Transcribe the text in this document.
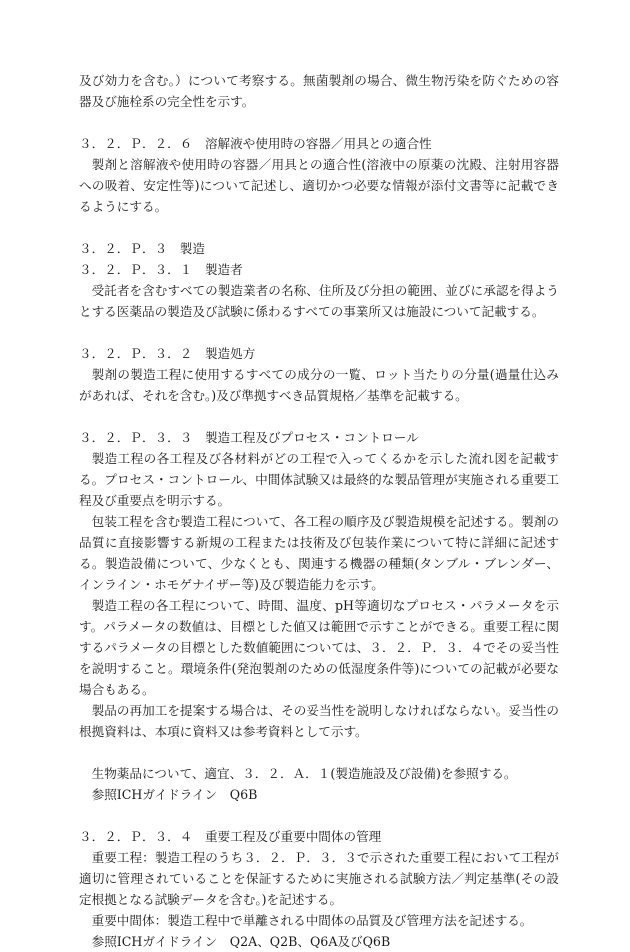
及び効力を含む。）について考察する。無菌製剤の場合、微生物汚染を防ぐための容器及び施栓系の完全性を示す。

３．２．Ｐ．２．６　溶解液や使用時の容器／用具との適合性

製剤と溶解液や使用時の容器／用具との適合性(溶液中の原薬の沈殿、注射用容器への吸着、安定性等)について記述し、適切かつ必要な情報が添付文書等に記載できるようにする。

３．２．Ｐ．３　製造

３．２．Ｐ．３．１　製造者

受託者を含むすべての製造業者の名称、住所及び分担の範囲、並びに承認を得ようとする医薬品の製造及び試験に係わるすべての事業所又は施設について記載する。

３．２．Ｐ．３．２　製造処方

製剤の製造工程に使用するすべての成分の一覧、ロット当たりの分量(過量仕込みがあれば、それを含む。)及び準拠すべき品質規格／基準を記載する。

３．２．Ｐ．３．３　製造工程及びプロセス・コントロール

製造工程の各工程及び各材料がどの工程で入ってくるかを示した流れ図を記載する。プロセス・コントロール、中間体試験又は最終的な製品管理が実施される重要工程及び重要点を明示する。

包装工程を含む製造工程について、各工程の順序及び製造規模を記述する。製剤の品質に直接影響する新規の工程または技術及び包装作業について特に詳細に記述する。製造設備について、少なくとも、関連する機器の種類(タンブル・ブレンダー、インライン・ホモゲナイザー等)及び製造能力を示す。

製造工程の各工程について、時間、温度、pH等適切なプロセス・パラメータを示す。パラメータの数値は、目標とした値又は範囲で示すことができる。重要工程に関するパラメータの目標とした数値範囲については、３．２．Ｐ．３．４でその妥当性を説明すること。環境条件(発泡製剤のための低湿度条件等)についての記載が必要な場合もある。

製品の再加工を提案する場合は、その妥当性を説明しなければならない。妥当性の根拠資料は、本項に資料又は参考資料として示す。

生物薬品について、適宜、３．２．Ａ．１(製造施設及び設備)を参照する。

参照ICHガイドライン　Q6B

３．２．Ｐ．３．４　重要工程及び重要中間体の管理

重要工程：製造工程のうち３．２．Ｐ．３．３で示された重要工程において工程が適切に管理されていることを保証するために実施される試験方法／判定基準(その設定根拠となる試験データを含む。)を記述する。

重要中間体：製造工程中で単離される中間体の品質及び管理方法を記述する。

参照ICHガイドライン　Q2A、Q2B、Q6A及びQ6B
